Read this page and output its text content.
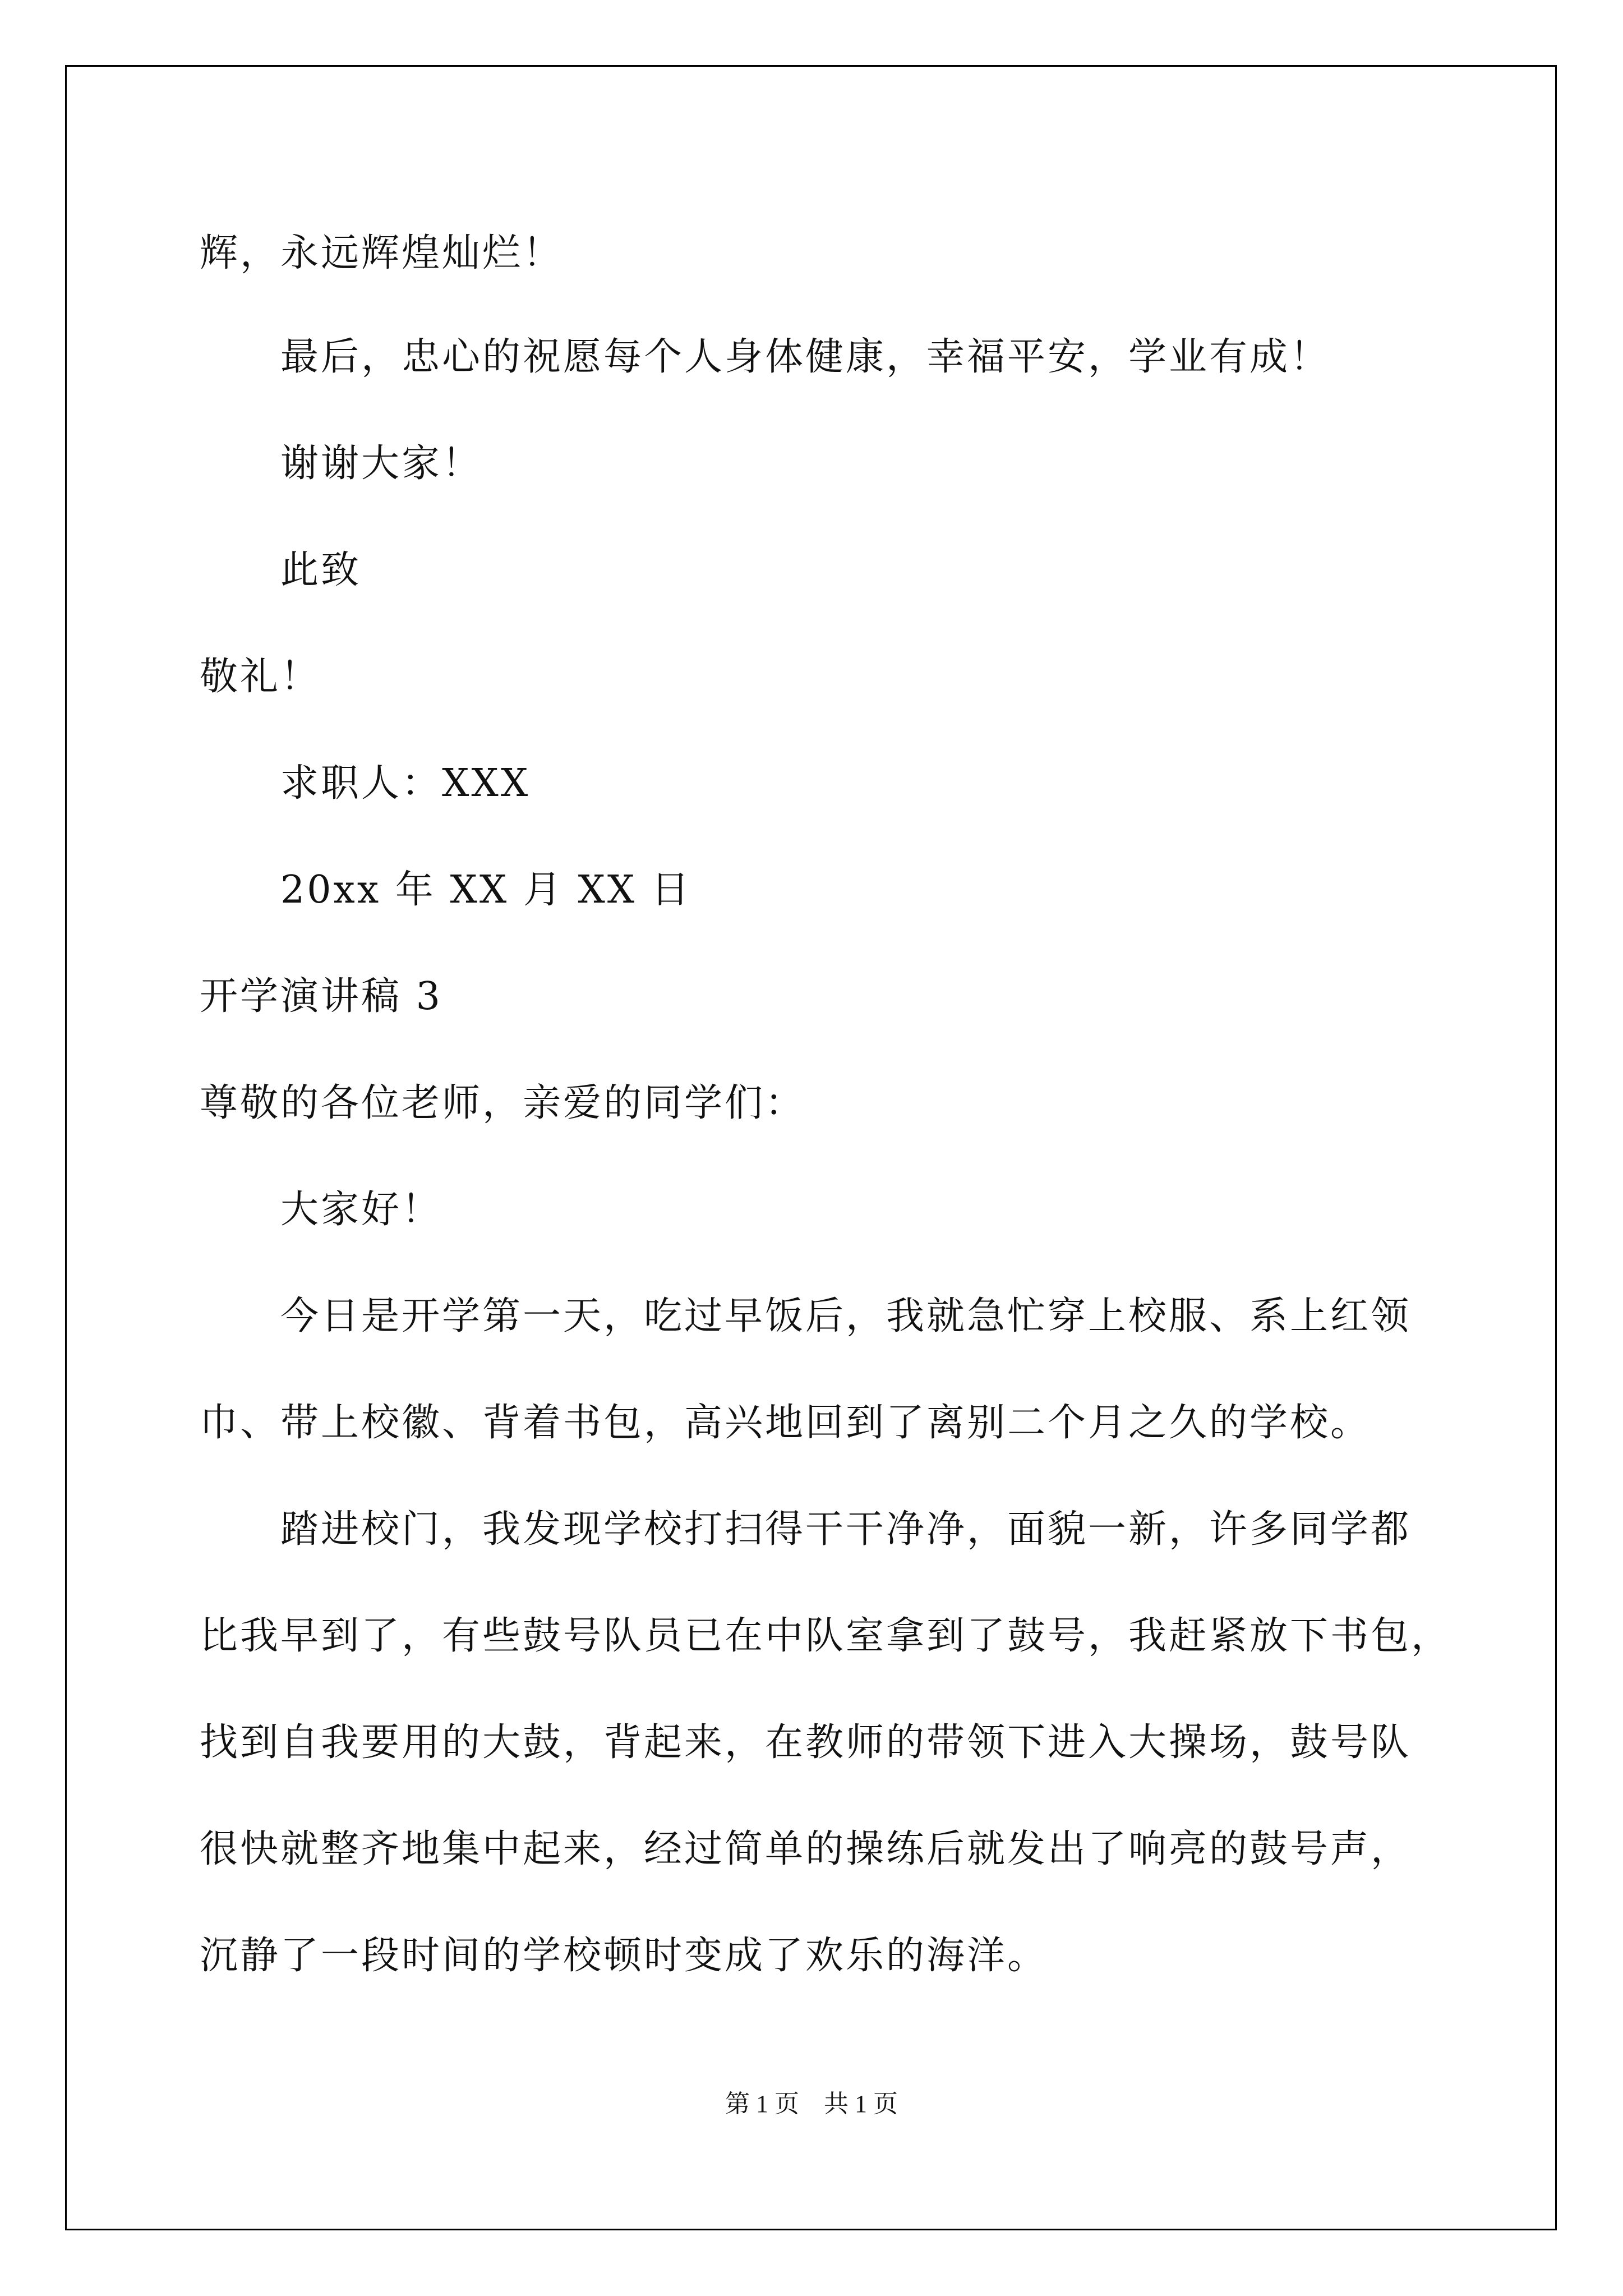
辉，永远辉煌灿烂！

最后，忠心的祝愿每个人身体健康，幸福平安，学业有成！

谢谢大家！

此致

敬礼！

求职人：XXX

20xx 年 XX 月 XX 日

开学演讲稿 3

尊敬的各位老师，亲爱的同学们：

大家好！

今日是开学第一天，吃过早饭后，我就急忙穿上校服、系上红领

巾、带上校徽、背着书包，高兴地回到了离别二个月之久的学校。

踏进校门，我发现学校打扫得干干净净，面貌一新，许多同学都

比我早到了，有些鼓号队员已在中队室拿到了鼓号，我赶紧放下书包，

找到自我要用的大鼓，背起来，在教师的带领下进入大操场，鼓号队

很快就整齐地集中起来，经过简单的操练后就发出了响亮的鼓号声，

沉静了一段时间的学校顿时变成了欢乐的海洋。

第 1 页　共 1 页
